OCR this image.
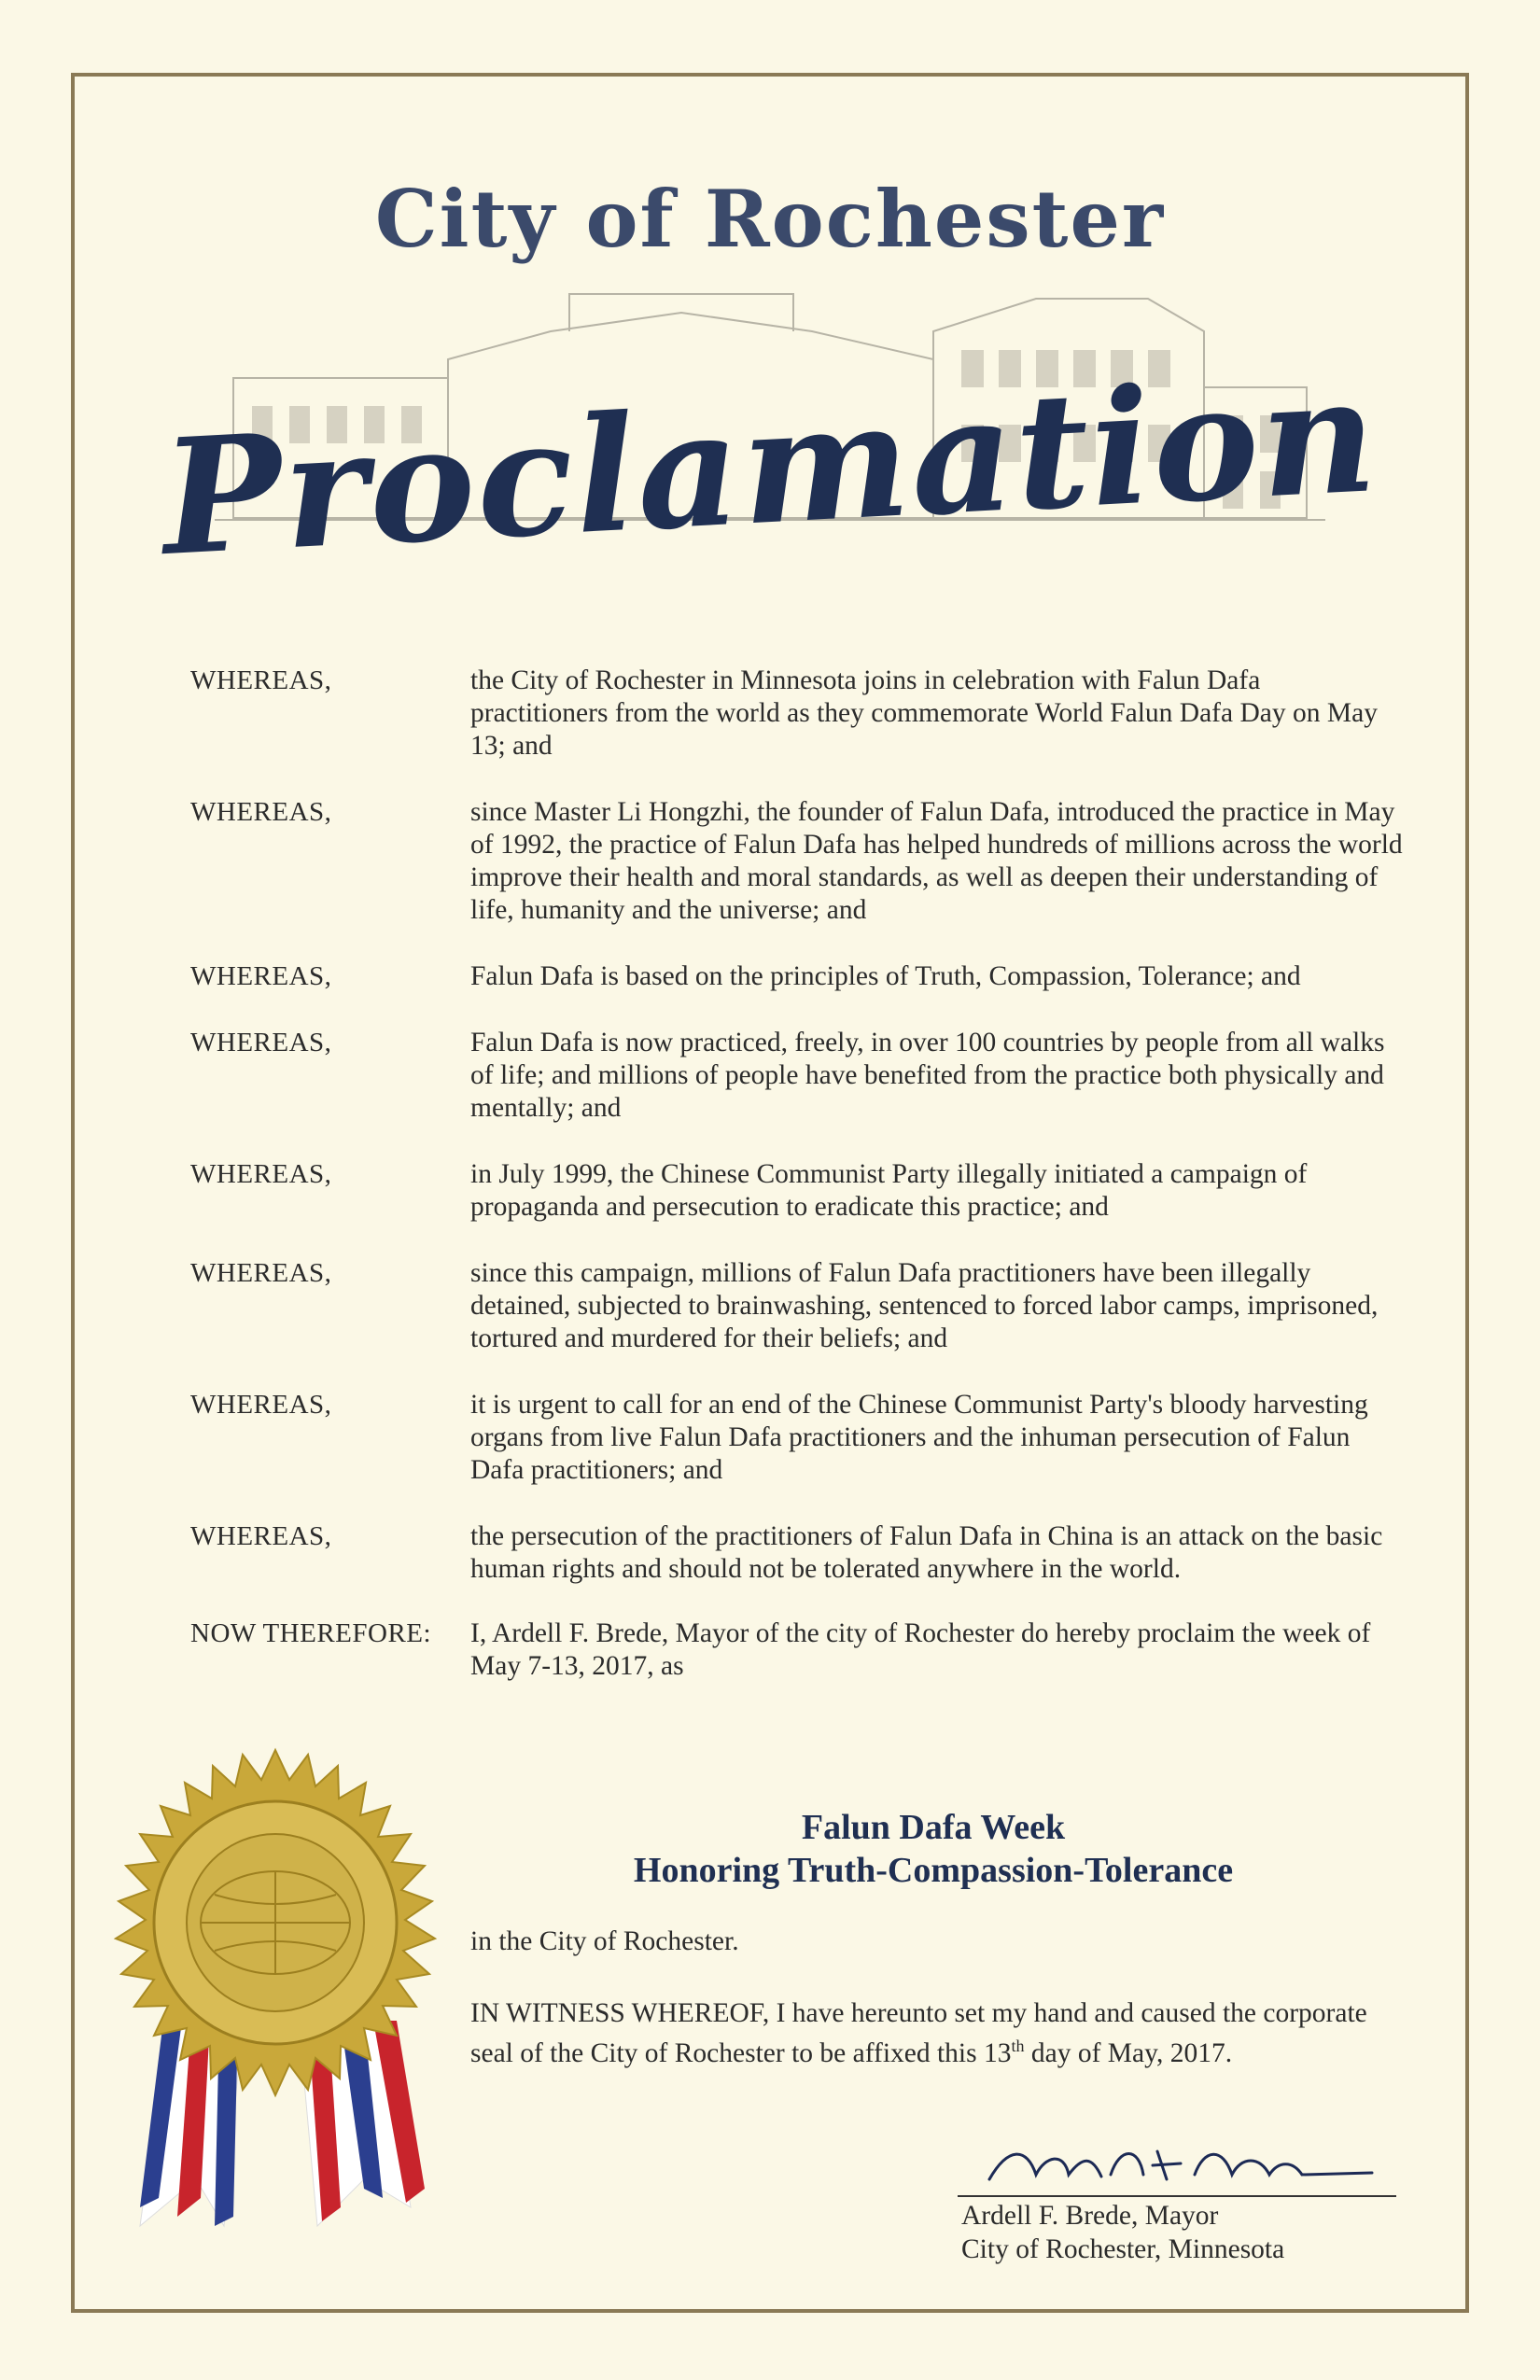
City of Rochester
Proclamation
WHEREAS,	the City of Rochester in Minnesota joins in celebration with Falun Dafa practitioners from the world as they commemorate World Falun Dafa Day on May 13; and
WHEREAS,	since Master Li Hongzhi, the founder of Falun Dafa, introduced the practice in May of 1992, the practice of Falun Dafa has helped hundreds of millions across the world improve their health and moral standards, as well as deepen their understanding of life, humanity and the universe; and
WHEREAS,	Falun Dafa is based on the principles of Truth, Compassion, Tolerance; and
WHEREAS,	Falun Dafa is now practiced, freely, in over 100 countries by people from all walks of life; and millions of people have benefited from the practice both physically and mentally; and
WHEREAS,	in July 1999, the Chinese Communist Party illegally initiated a campaign of propaganda and persecution to eradicate this practice; and
WHEREAS,	since this campaign, millions of Falun Dafa practitioners have been illegally detained, subjected to brainwashing, sentenced to forced labor camps, imprisoned, tortured and murdered for their beliefs; and
WHEREAS,	it is urgent to call for an end of the Chinese Communist Party's bloody harvesting organs from live Falun Dafa practitioners and the inhuman persecution of Falun Dafa practitioners; and
WHEREAS,	the persecution of the practitioners of Falun Dafa in China is an attack on the basic human rights and should not be tolerated anywhere in the world.
NOW THEREFORE:	I, Ardell F. Brede, Mayor of the city of Rochester do hereby proclaim the week of May 7-13, 2017, as
Falun Dafa Week
Honoring Truth-Compassion-Tolerance
in the City of Rochester.
IN WITNESS WHEREOF, I have hereunto set my hand and caused the corporate seal of the City of Rochester to be affixed this 13th day of May, 2017.
Ardell F. Brede, Mayor
City of Rochester, Minnesota
